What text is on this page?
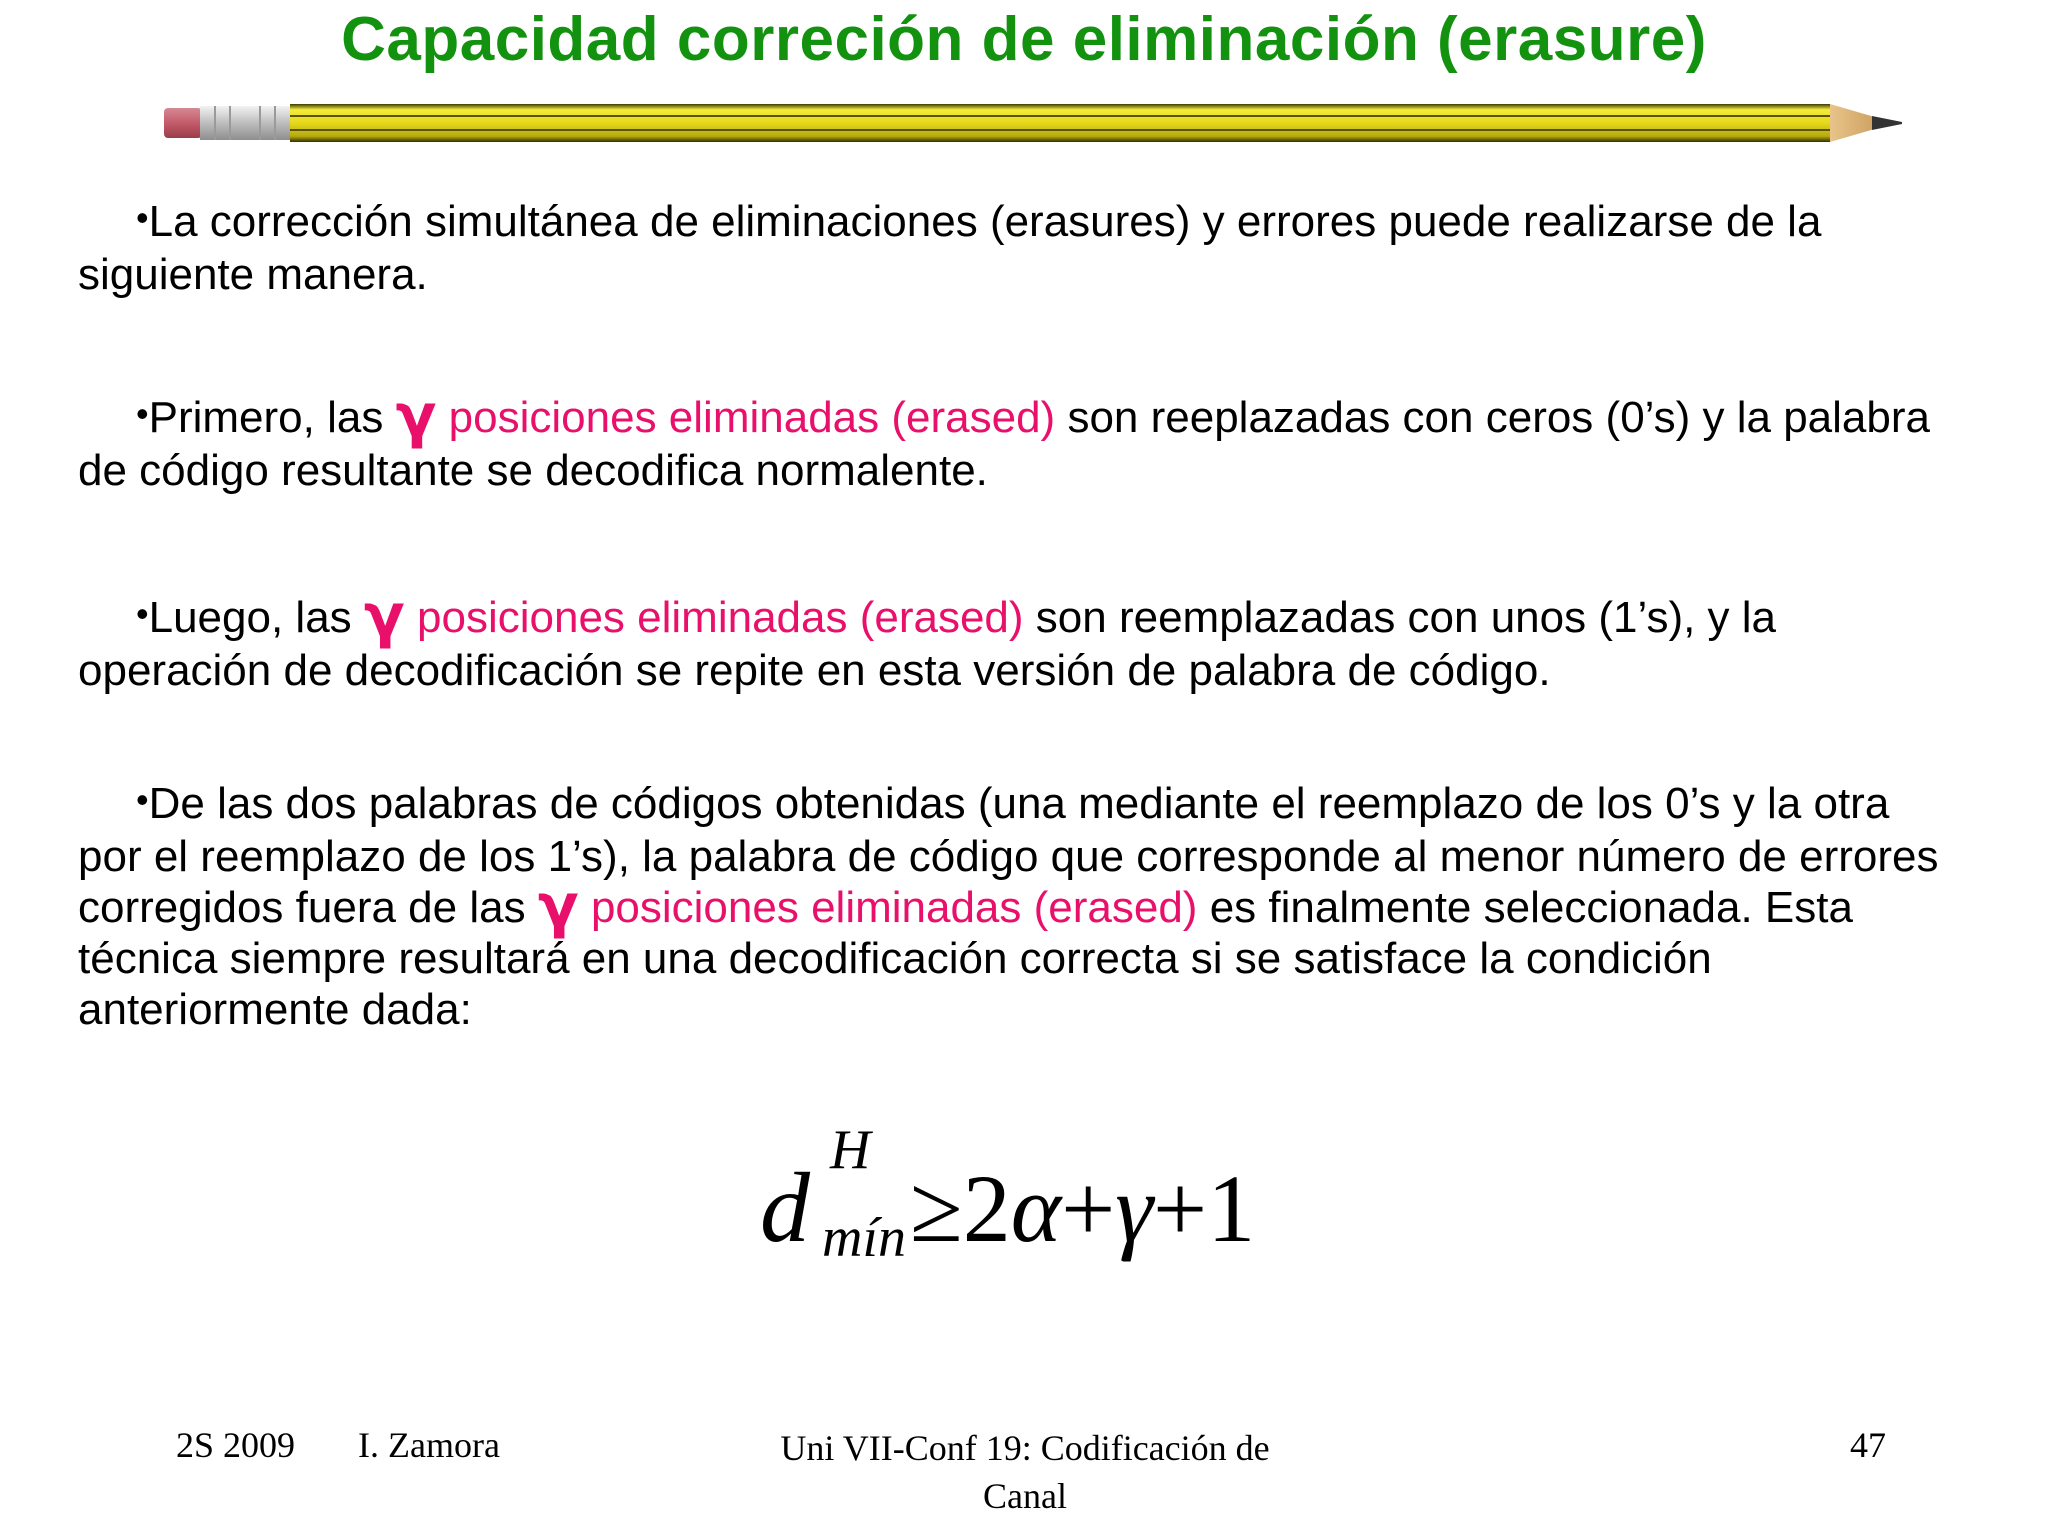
Capacidad correción de eliminación (erasure)

•La corrección simultánea de eliminaciones (erasures) y errores puede realizarse de la siguiente manera.

•Primero, las γ posiciones eliminadas (erased) son reeplazadas con ceros (0’s) y la palabra de código resultante se decodifica normalente.

•Luego, las γ posiciones eliminadas (erased) son reemplazadas con unos (1’s), y la operación de decodificación se repite en esta versión de palabra de código.

•De las dos palabras de códigos obtenidas (una mediante el reemplazo de los 0’s y la otra por el reemplazo de los 1’s), la palabra de código que corresponde al menor número de errores corregidos fuera de las γ posiciones eliminadas (erased) es finalmente seleccionada. Esta técnica siempre resultará en una decodificación correcta si se satisface la condición anteriormente dada:

d
H
mín ≥2α+γ+1
2S 2009 I. Zamora	Uni VII-Conf 19: Codificación de
Canal
47
